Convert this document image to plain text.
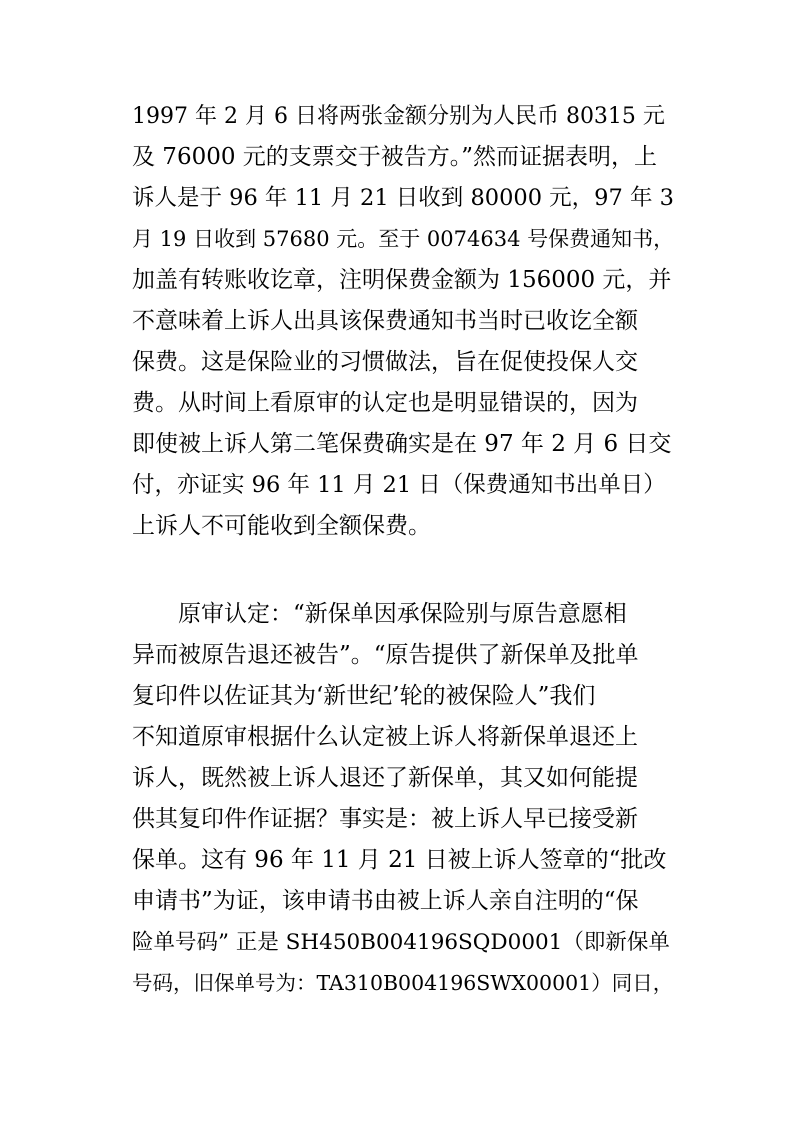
1997 年 2 月 6 日将两张金额分别为人民币 80315 元
及 76000 元的支票交于被告方。”然而证据表明，上
诉人是于 96 年 11 月 21 日收到 80000 元，97 年 3
月 19 日收到 57680 元。至于 0074634 号保费通知书，
加盖有转账收讫章，注明保费金额为 156000 元，并
不意味着上诉人出具该保费通知书当时已收讫全额
保费。这是保险业的习惯做法，旨在促使投保人交
费。从时间上看原审的认定也是明显错误的，因为
即使被上诉人第二笔保费确实是在 97 年 2 月 6 日交
付，亦证实 96 年 11 月 21 日（保费通知书出单日）
上诉人不可能收到全额保费。
原审认定：“新保单因承保险别与原告意愿相
异而被原告退还被告”。“原告提供了新保单及批单
复印件以佐证其为‘新世纪’轮的被保险人”我们
不知道原审根据什么认定被上诉人将新保单退还上
诉人，既然被上诉人退还了新保单，其又如何能提
供其复印件作证据？事实是：被上诉人早已接受新
保单。这有 96 年 11 月 21 日被上诉人签章的“批改
申请书”为证，该申请书由被上诉人亲自注明的“保
险单号码” 正是 SH450B004196SQD0001（即新保单
号码，旧保单号为：TA310B004196SWX00001）同日，
